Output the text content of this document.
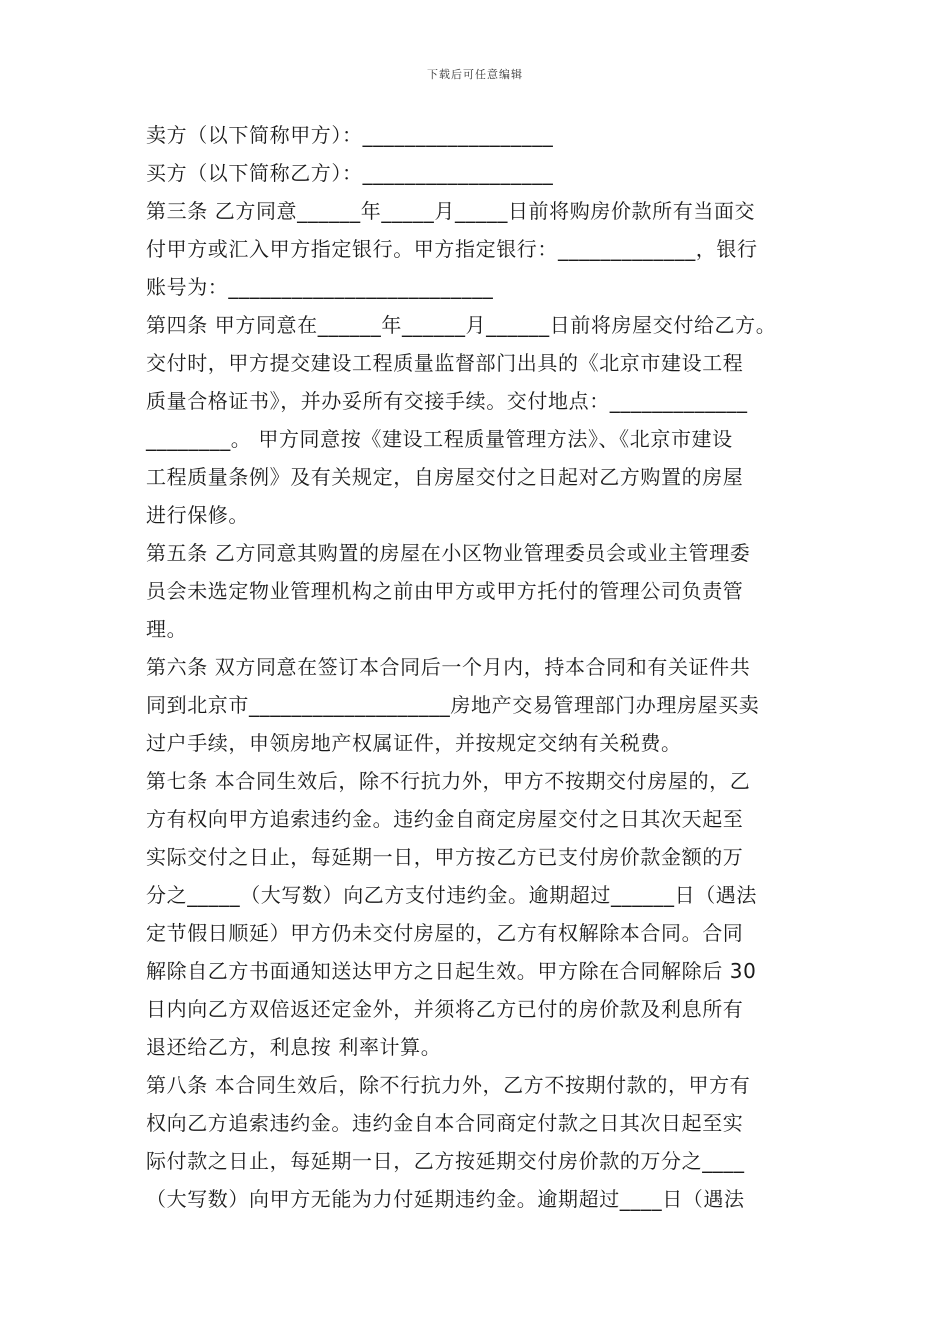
下载后可任意编辑
卖方（以下简称甲方）：__________________
买方（以下简称乙方）：__________________
第三条 乙方同意______年_____月_____日前将购房价款所有当面交
付甲方或汇入甲方指定银行。甲方指定银行：_____________，银行
账号为：_________________________
第四条 甲方同意在______年______月______日前将房屋交付给乙方。
交付时，甲方提交建设工程质量监督部门出具的《北京市建设工程
质量合格证书》，并办妥所有交接手续。交付地点：_____________
________。 甲方同意按《建设工程质量管理方法》、《北京市建设
工程质量条例》及有关规定，自房屋交付之日起对乙方购置的房屋
进行保修。
第五条 乙方同意其购置的房屋在小区物业管理委员会或业主管理委
员会未选定物业管理机构之前由甲方或甲方托付的管理公司负责管
理。
第六条 双方同意在签订本合同后一个月内，持本合同和有关证件共
同到北京市___________________房地产交易管理部门办理房屋买卖
过户手续，申领房地产权属证件，并按规定交纳有关税费。
第七条 本合同生效后，除不行抗力外，甲方不按期交付房屋的，乙
方有权向甲方追索违约金。违约金自商定房屋交付之日其次天起至
实际交付之日止，每延期一日，甲方按乙方已支付房价款金额的万
分之_____（大写数）向乙方支付违约金。逾期超过______日（遇法
定节假日顺延）甲方仍未交付房屋的，乙方有权解除本合同。合同
解除自乙方书面通知送达甲方之日起生效。甲方除在合同解除后 30
日内向乙方双倍返还定金外，并须将乙方已付的房价款及利息所有
退还给乙方，利息按 利率计算。
第八条 本合同生效后，除不行抗力外，乙方不按期付款的，甲方有
权向乙方追索违约金。违约金自本合同商定付款之日其次日起至实
际付款之日止，每延期一日，乙方按延期交付房价款的万分之____
（大写数）向甲方无能为力付延期违约金。逾期超过____日（遇法
